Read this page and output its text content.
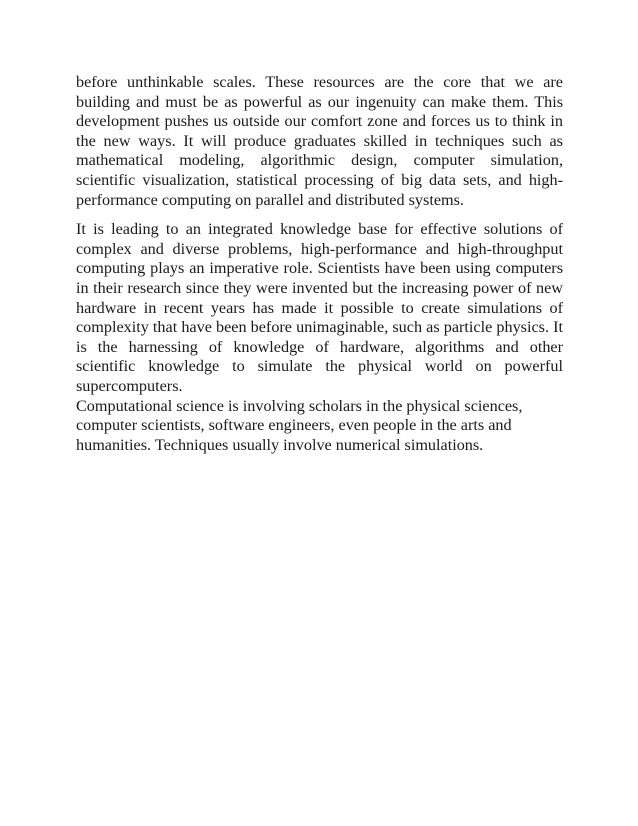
before unthinkable scales. These resources are the core that we are building and must be as powerful as our ingenuity can make them. This development pushes us outside our comfort zone and forces us to think in the new ways. It will produce graduates skilled in techniques such as mathematical modeling, algorithmic design, computer simulation, scientific visualization, statistical processing of big data sets, and high-performance computing on parallel and distributed systems.

It is leading to an integrated knowledge base for effective solutions of complex and diverse problems, high-performance and high-throughput computing plays an imperative role. Scientists have been using computers in their research since they were invented but the increasing power of new hardware in recent years has made it possible to create simulations of complexity that have been before unimaginable, such as particle physics. It is the harnessing of knowledge of hardware, algorithms and other scientific knowledge to simulate the physical world on powerful supercomputers.

Computational science is involving scholars in the physical sciences, computer scientists, software engineers, even people in the arts and humanities. Techniques usually involve numerical simulations.
